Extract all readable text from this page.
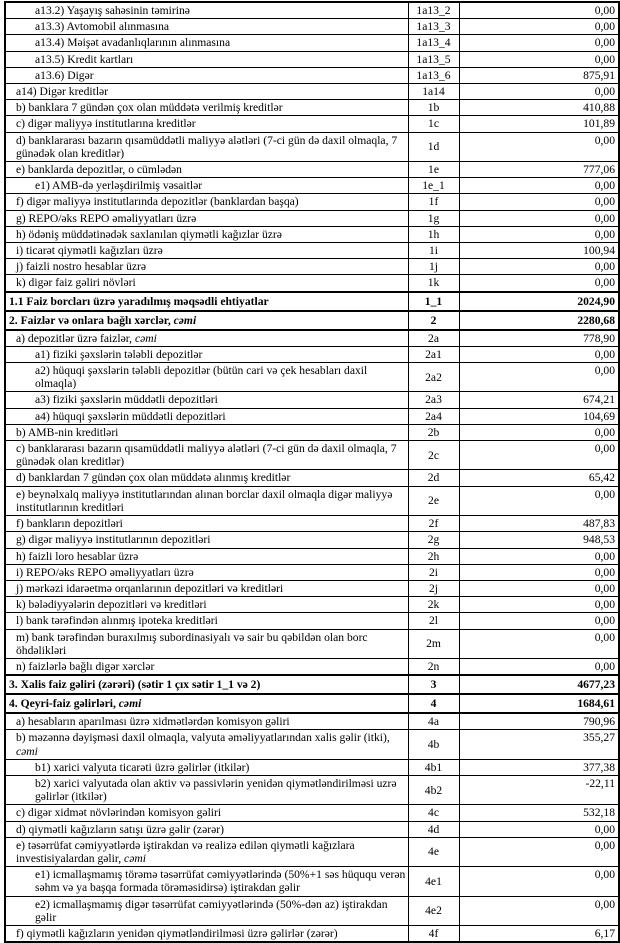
a13.2) Yaşayış sahəsinin təmirinə	1a13_2	0,00
a13.3) Avtomobil alınmasına	1a13_3	0,00
a13.4) Məişət avadanlıqlarının alınmasına	1a13_4	0,00
a13.5) Kredit kartları	1a13_5	0,00
a13.6) Digər	1a13_6	875,91
a14) Digər kreditlər	1a14	0,00
b) banklara 7 gündən çox olan müddətə verilmiş kreditlər	1b	410,88
c) digər maliyyə institutlarına kreditlər	1c	101,89
d) banklararası bazarın qısamüddətli maliyyə alətləri (7-ci gün də daxil olmaqla, 7 günədək olan kreditlər)	1d	0,00
e) banklarda depozitlər, o cümlədən	1e	777,06
e1) AMB-də yerləşdirilmiş vəsaitlər	1e_1	0,00
f) digər maliyyə institutlarında depozitlər (banklardan başqa)	1f	0,00
g) REPO/əks REPO əməliyyatları üzrə	1g	0,00
h) ödəniş müddətinədək saxlanılan qiymətli kağızlar üzrə	1h	0,00
i) ticarət qiymətli kağızları üzrə	1i	100,94
j) faizli nostro hesablar üzrə	1j	0,00
k) digər faiz gəliri növləri	1k	0,00
1.1 Faiz borcları üzrə yaradılmış məqsədli ehtiyatlar	1_1	2024,90
2. Faizlər və onlara bağlı xərclər, cəmi	2	2280,68
a) depozitlər üzrə faizlər, cəmi	2a	778,90
a1) fiziki şəxslərin tələbli depozitlər	2a1	0,00
a2) hüquqi şəxslərin tələbli depozitlər (bütün cari və çek hesabları daxil olmaqla)	2a2	0,00
a3) fiziki şəxslərin müddətli depozitləri	2a3	674,21
a4) hüquqi şəxslərin müddətli depozitləri	2a4	104,69
b) AMB-nin kreditləri	2b	0,00
c) banklararası bazarın qısamüddətli maliyyə alətləri (7-ci gün də daxil olmaqla, 7 günədək olan kreditlər)	2c	0,00
d) banklardan 7 gündən çox olan müddətə alınmış kreditlər	2d	65,42
e) beynəlxalq maliyyə institutlarından alınan borclar daxil olmaqla digər maliyyə institutlarının kreditləri	2e	0,00
f) bankların depozitləri	2f	487,83
g) digər maliyyə institutlarının depozitləri	2g	948,53
h) faizli loro hesablar üzrə	2h	0,00
i) REPO/əks REPO əməliyyatları üzrə	2i	0,00
j) mərkəzi idarəetmə orqanlarının depozitləri və kreditləri	2j	0,00
k) bələdiyyələrin depozitləri və kreditləri	2k	0,00
l) bank tərəfindən alınmış ipoteka kreditləri	2l	0,00
m) bank tərəfindən buraxılmış subordinasiyalı və sair bu qəbildən olan borc öhdəlikləri	2m	0,00
n) faizlərlə bağlı digər xərclər	2n	0,00
3. Xalis faiz gəliri (zərəri) (sətir 1 çıx sətir 1_1 və 2)	3	4677,23
4. Qeyri-faiz gəlirləri, cəmi	4	1684,61
a) hesabların aparılması üzrə xidmətlərdən komisyon gəliri	4a	790,96
b) məzənnə dəyişməsi daxil olmaqla, valyuta əməliyyatlarından xalis gəlir (itki), cəmi	4b	355,27
b1) xarici valyuta ticarəti üzrə gəlirlər (itkilər)	4b1	377,38
b2) xarici valyutada olan aktiv və passivlərin yenidən qiymətləndirilməsi uzrə gəlirlər (itkilər)	4b2	-22,11
c) digər xidmət növlərindən komisyon gəliri	4c	532,18
d) qiymətli kağızların satışı üzrə gəlir (zərər)	4d	0,00
e) təsərrüfat cəmiyyətlərdə iştirakdan və realizə edilən qiymətli kağızlara investisiyalardan gəlir, cəmi	4e	0,00
e1) icmallaşmamış törəmə təsərrüfat cəmiyyətlərində (50%+1 səs hüququ verən səhm və ya başqa formada törəməsidirsə) iştirakdan gəlir	4e1	0,00
e2) icmallaşmamış digər təsərrüfat cəmiyyətlərində (50%-dən az) iştirakdan gəlir	4e2	0,00
f) qiymətli kağızların yenidən qiymətləndirilməsi üzrə gəlirlər (zərər)	4f	6,17
